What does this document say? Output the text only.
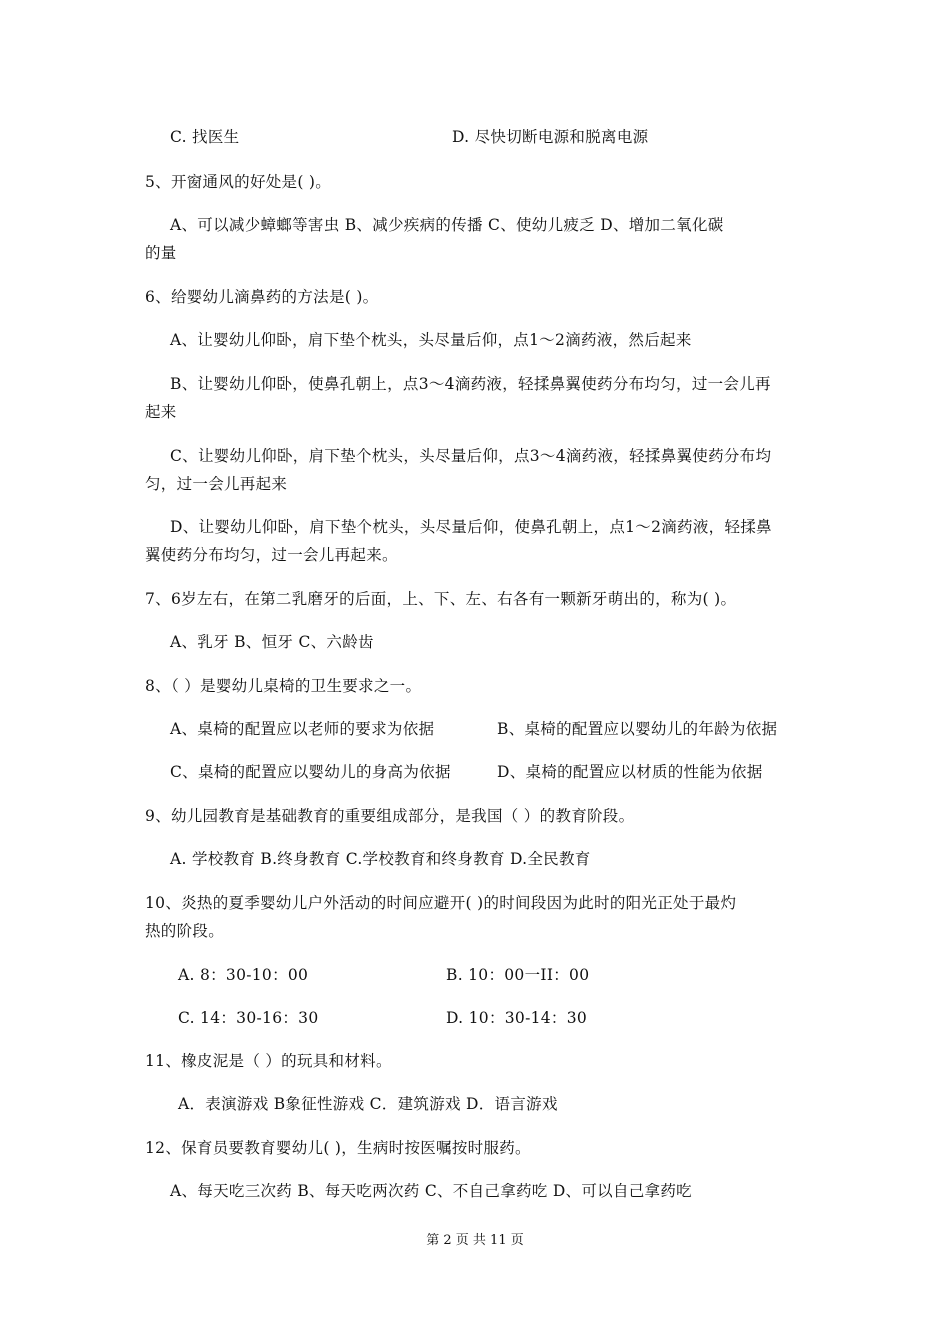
C. 找医生	D. 尽快切断电源和脱离电源
5、开窗通风的好处是( )。
A、可以减少蟑螂等害虫 B、减少疾病的传播 C、使幼儿疲乏 D、增加二氧化碳
的量
6、给婴幼儿滴鼻药的方法是( )。
A、让婴幼儿仰卧，肩下垫个枕头，头尽量后仰，点1～2滴药液，然后起来
B、让婴幼儿仰卧，使鼻孔朝上，点3～4滴药液，轻揉鼻翼使药分布均匀，过一会儿再
起来
C、让婴幼儿仰卧，肩下垫个枕头，头尽量后仰，点3～4滴药液，轻揉鼻翼使药分布均
匀，过一会儿再起来
D、让婴幼儿仰卧，肩下垫个枕头，头尽量后仰，使鼻孔朝上，点1～2滴药液，轻揉鼻
翼使药分布均匀，过一会儿再起来。
7、6岁左右，在第二乳磨牙的后面，上、下、左、右各有一颗新牙萌出的，称为( )。
A、乳牙 B、恒牙 C、六龄齿
8、（ ）是婴幼儿桌椅的卫生要求之一。
A、桌椅的配置应以老师的要求为依据	B、桌椅的配置应以婴幼儿的年龄为依据
C、桌椅的配置应以婴幼儿的身高为依据	D、桌椅的配置应以材质的性能为依据
9、幼儿园教育是基础教育的重要组成部分，是我国（ ）的教育阶段。
A. 学校教育 B.终身教育 C.学校教育和终身教育 D.全民教育
10、炎热的夏季婴幼儿户外活动的时间应避开( )的时间段因为此时的阳光正处于最灼
热的阶段。
A. 8：30-10：00	B. 10：00一II：00
C. 14：30-16：30	D. 10：30-14：30
11、橡皮泥是（ ）的玩具和材料。
A．表演游戏 B象征性游戏 C．建筑游戏 D．语言游戏
12、保育员要教育婴幼儿( )，生病时按医嘱按时服药。
A、每天吃三次药 B、每天吃两次药 C、不自己拿药吃 D、可以自己拿药吃
第 2 页 共 11 页
